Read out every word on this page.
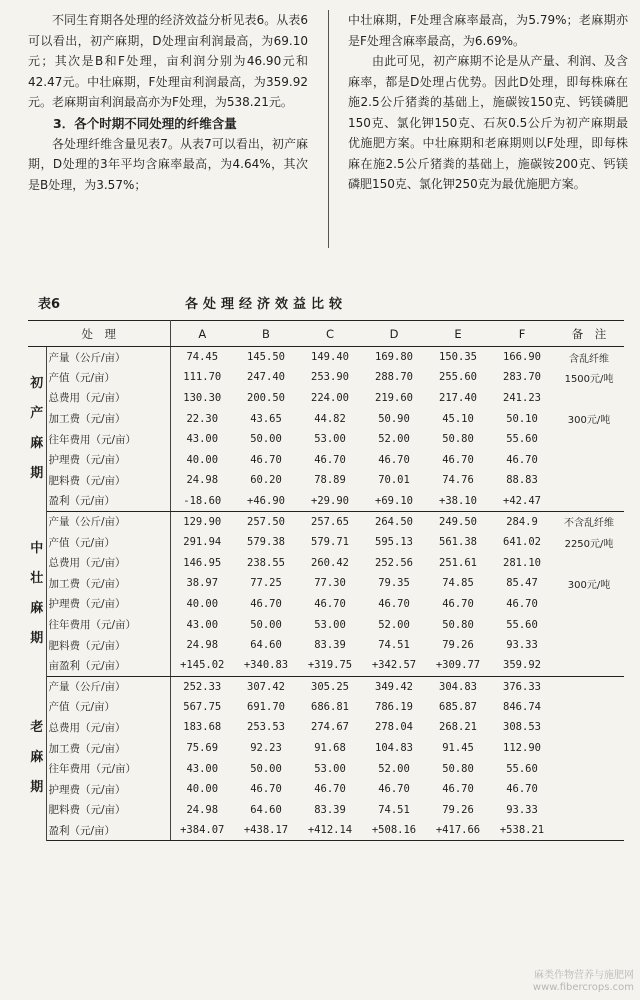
不同生育期各处理的经济效益分析见表6。从表6可以看出，初产麻期，D处理亩利润最高，为69.10元；其次是B和F处理，亩利润分别为46.90元和42.47元。中壮麻期，F处理亩利润最高，为359.92元。老麻期亩利润最高亦为F处理，为538.21元。

3．各个时期不同处理的纤维含量

各处理纤维含量见表7。从表7可以看出，初产麻期，D处理的3年平均含麻率最高，为4.64%，其次是B处理，为3.57%；

中壮麻期，F处理含麻率最高，为5.79%；老麻期亦是F处理含麻率最高，为6.69%。

由此可见，初产麻期不论是从产量、利润、及含麻率，都是D处理占优势。因此D处理，即每株麻在施2.5公斤猪粪的基础上，施碳铵150克、钙镁磷肥150克、氯化钾150克、石灰0.5公斤为初产麻期最优施肥方案。中壮麻期和老麻期则以F处理，即每株麻在施2.5公斤猪粪的基础上，施碳铵200克、钙镁磷肥150克、氯化钾250克为最优施肥方案。

表6	各处理经济效益比较
处　理		A	B	C	D	E	F	备　注
初产麻期	产量（公斤/亩）	74.45	145.50	149.40	169.80	150.35	166.90	含乱纤维
	产值（元/亩）	111.70	247.40	253.90	288.70	255.60	283.70	1500元/吨
	总费用（元/亩）	130.30	200.50	224.00	219.60	217.40	241.23	
	加工费（元/亩）	22.30	43.65	44.82	50.90	45.10	50.10	300元/吨
	往年费用（元/亩）	43.00	50.00	53.00	52.00	50.80	55.60	
	护理费（元/亩）	40.00	46.70	46.70	46.70	46.70	46.70	
	肥料费（元/亩）	24.98	60.20	78.89	70.01	74.76	88.83	
	盈利（元/亩）	-18.60	+46.90	+29.90	+69.10	+38.10	+42.47	
中壮麻期	产量（公斤/亩）	129.90	257.50	257.65	264.50	249.50	284.9	不含乱纤维
	产值（元/亩）	291.94	579.38	579.71	595.13	561.38	641.02	2250元/吨
	总费用（元/亩）	146.95	238.55	260.42	252.56	251.61	281.10	
	加工费（元/亩）	38.97	77.25	77.30	79.35	74.85	85.47	300元/吨
	护理费（元/亩）	40.00	46.70	46.70	46.70	46.70	46.70	
	往年费用（元/亩）	43.00	50.00	53.00	52.00	50.80	55.60	
	肥料费（元/亩）	24.98	64.60	83.39	74.51	79.26	93.33	
	亩盈利（元/亩）	+145.02	+340.83	+319.75	+342.57	+309.77	359.92	
老麻期	产量（公斤/亩）	252.33	307.42	305.25	349.42	304.83	376.33	
	产值（元/亩）	567.75	691.70	686.81	786.19	685.87	846.74	
	总费用（元/亩）	183.68	253.53	274.67	278.04	268.21	308.53	
	加工费（元/亩）	75.69	92.23	91.68	104.83	91.45	112.90	
	往年费用（元/亩）	43.00	50.00	53.00	52.00	50.80	55.60	
	护理费（元/亩）	40.00	46.70	46.70	46.70	46.70	46.70	
	肥料费（元/亩）	24.98	64.60	83.39	74.51	79.26	93.33	
	盈利（元/亩）	+384.07	+438.17	+412.14	+508.16	+417.66	+538.21	
麻类作物营养与施肥网
www.fibercrops.com
